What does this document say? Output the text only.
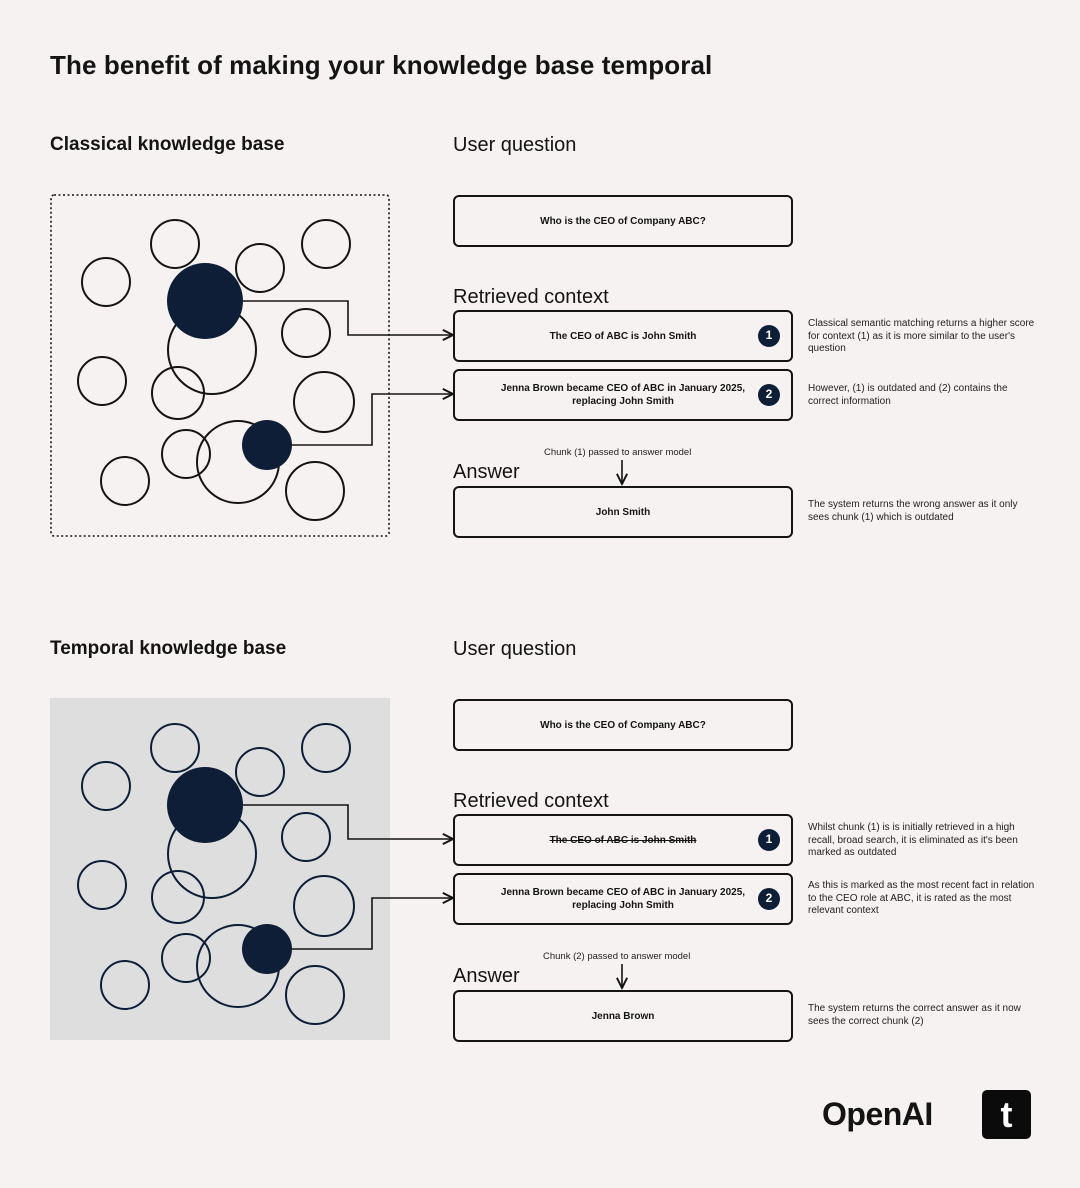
The benefit of making your knowledge base temporal
Classical knowledge base	User question
Who is the CEO of Company ABC?
Retrieved context
The CEO of ABC is John Smith	1
Classical semantic matching returns a higher score for context (1) as it is more similar to the user's question
Jenna Brown became CEO of ABC in January 2025, replacing John Smith
2	However, (1) is outdated and (2) contains the correct information
Chunk (1) passed to answer model
Answer
John Smith
The system returns the wrong answer as it only sees chunk (1) which is outdated
Temporal knowledge base	User question
Who is the CEO of Company ABC?
Retrieved context
The CEO of ABC is John Smith	1
Whilst chunk (1) is is initially retrieved in a high recall, broad search, it is eliminated as it's been marked as outdated
Jenna Brown became CEO of ABC in January 2025, replacing John Smith
2
As this is marked as the most recent fact in relation to the CEO role at ABC, it is rated as the most relevant context
Chunk (2) passed to answer model
Answer
Jenna Brown
The system returns the correct answer as it now sees the correct chunk (2)
OpenAI	t
